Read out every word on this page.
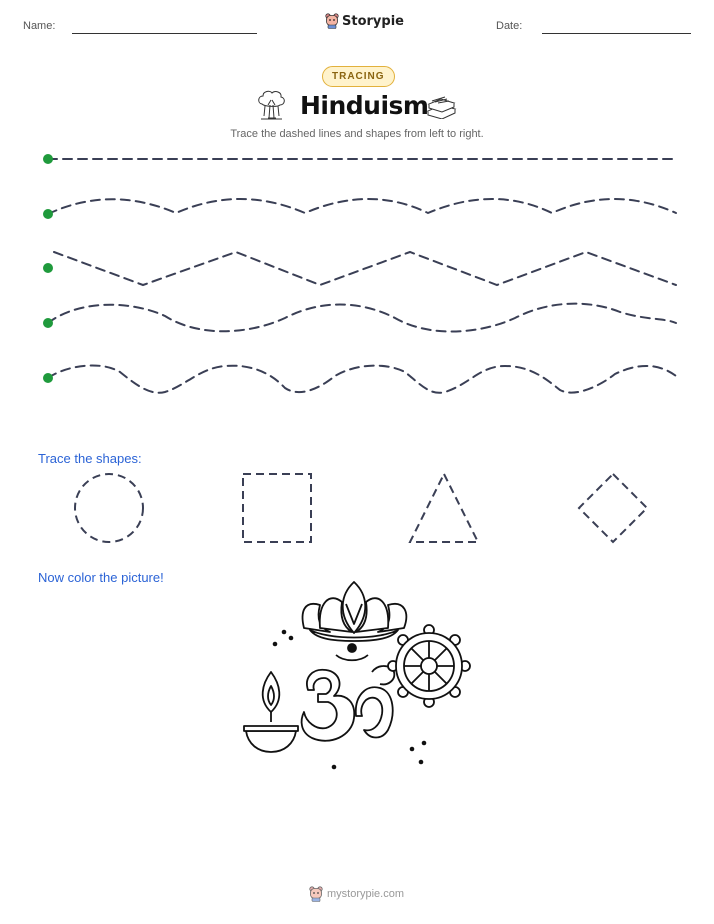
Name:	Storypie	Date:
TRACING
Hinduism
Trace the dashed lines and shapes from left to right.
Trace the shapes:
Now color the picture!
mystorypie.com
